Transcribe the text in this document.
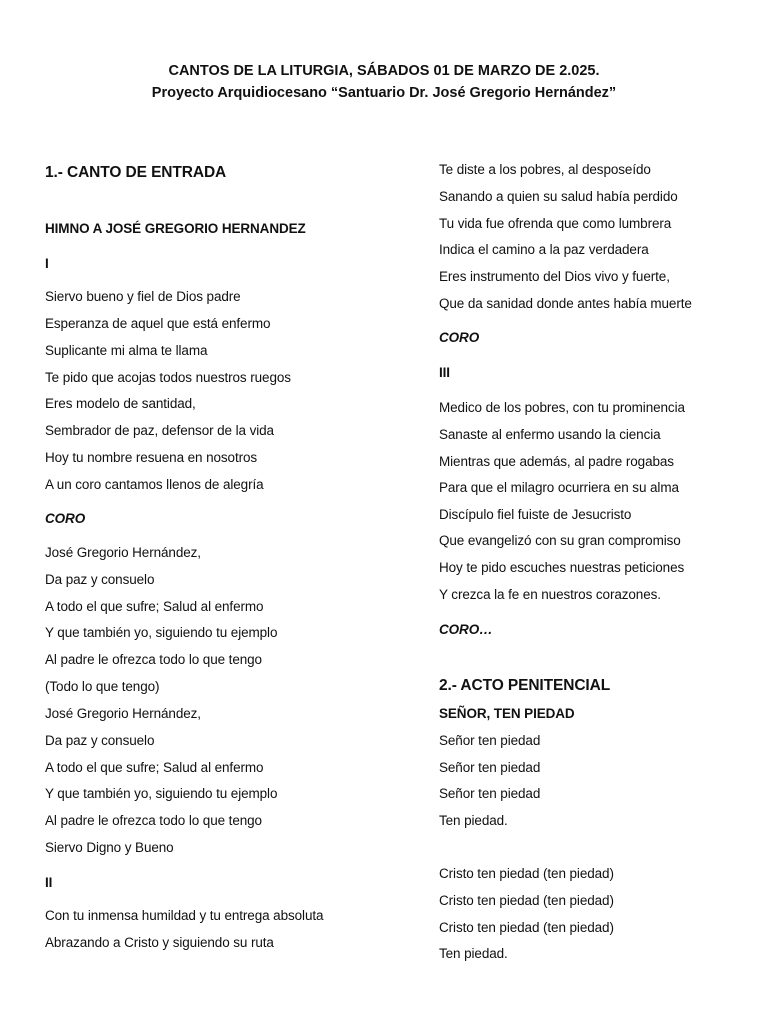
CANTOS DE LA LITURGIA, SÁBADOS 01 DE MARZO DE 2.025.
Proyecto Arquidiocesano “Santuario Dr. José Gregorio Hernández”
1.- CANTO DE ENTRADA
HIMNO A JOSÉ GREGORIO HERNANDEZ
I
Siervo bueno y fiel de Dios padre
Esperanza de aquel que está enfermo
Suplicante mi alma te llama
Te pido que acojas todos nuestros ruegos
Eres modelo de santidad,
Sembrador de paz, defensor de la vida
Hoy tu nombre resuena en nosotros
A un coro cantamos llenos de alegría
CORO
José Gregorio Hernández,
Da paz y consuelo
A todo el que sufre; Salud al enfermo
Y que también yo, siguiendo tu ejemplo
Al padre le ofrezca todo lo que tengo
(Todo lo que tengo)
José Gregorio Hernández,
Da paz y consuelo
A todo el que sufre; Salud al enfermo
Y que también yo, siguiendo tu ejemplo
Al padre le ofrezca todo lo que tengo
Siervo Digno y Bueno
II
Con tu inmensa humildad y tu entrega absoluta
Abrazando a Cristo y siguiendo su ruta
Te diste a los pobres, al desposeído
Sanando a quien su salud había perdido
Tu vida fue ofrenda que como lumbrera
Indica el camino a la paz verdadera
Eres instrumento del Dios vivo y fuerte,
Que da sanidad donde antes había muerte
CORO
III
Medico de los pobres, con tu prominencia
Sanaste al enfermo usando la ciencia
Mientras que además, al padre rogabas
Para que el milagro ocurriera en su alma
Discípulo fiel fuiste de Jesucristo
Que evangelizó con su gran compromiso
Hoy te pido escuches nuestras peticiones
Y crezca la fe en nuestros corazones.
CORO…
2.- ACTO PENITENCIAL
SEÑOR, TEN PIEDAD
Señor ten piedad
Señor ten piedad
Señor ten piedad
Ten piedad.
Cristo ten piedad (ten piedad)
Cristo ten piedad (ten piedad)
Cristo ten piedad (ten piedad)
Ten piedad.
